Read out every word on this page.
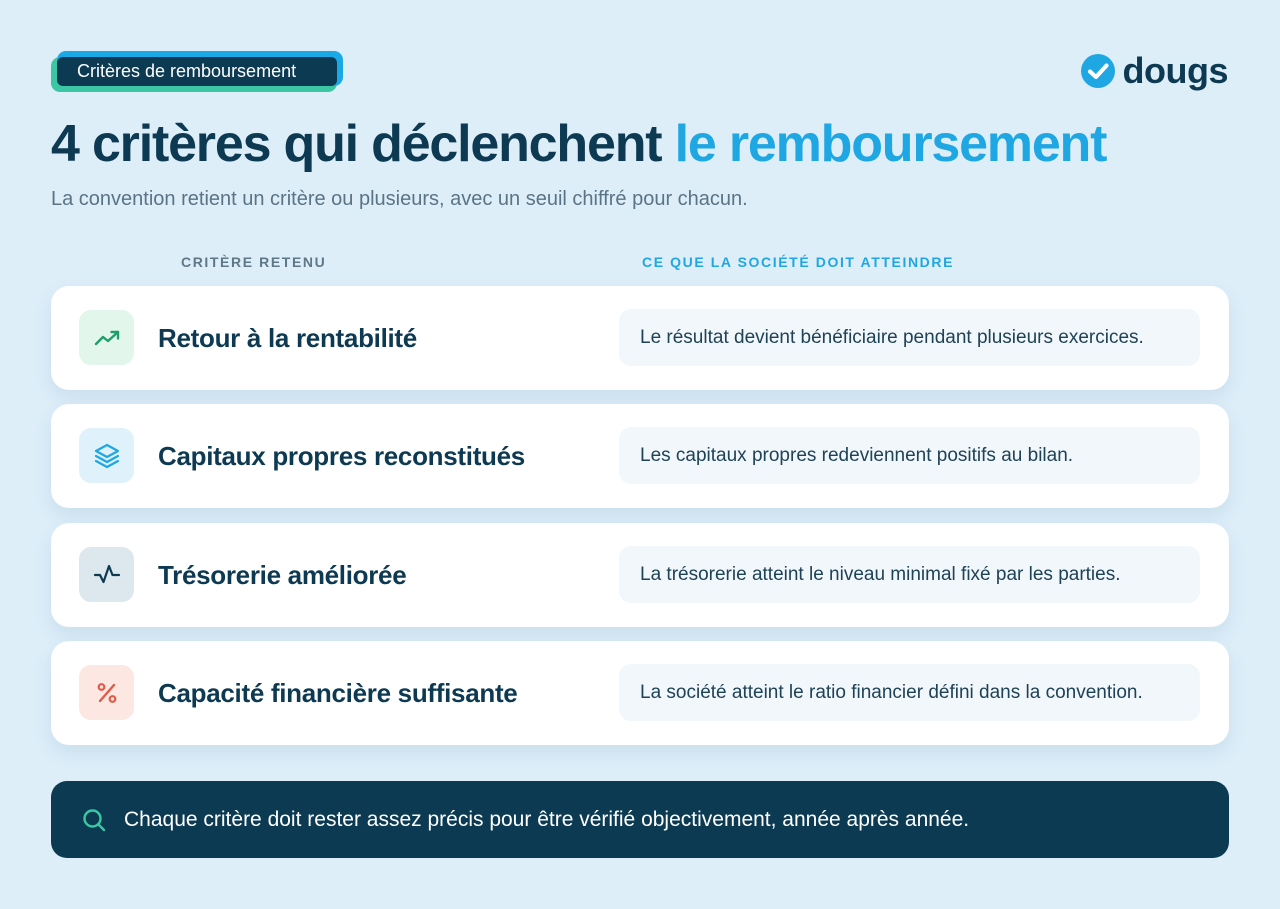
Critères de remboursement	dougs
4 critères qui déclenchent le remboursement
La convention retient un critère ou plusieurs, avec un seuil chiffré pour chacun.
CRITÈRE RETENU	CE QUE LA SOCIÉTÉ DOIT ATTEINDRE
Retour à la rentabilité	Le résultat devient bénéficiaire pendant plusieurs exercices.
Capitaux propres reconstitués	Les capitaux propres redeviennent positifs au bilan.
Trésorerie améliorée	La trésorerie atteint le niveau minimal fixé par les parties.
Capacité financière suffisante	La société atteint le ratio financier défini dans la convention.
Chaque critère doit rester assez précis pour être vérifié objectivement, année après année.
